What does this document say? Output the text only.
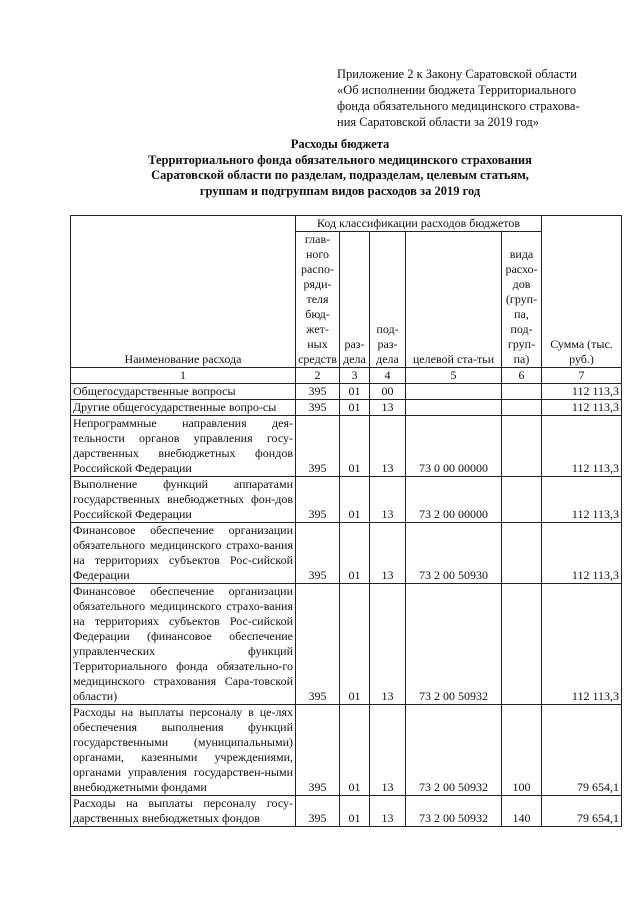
Приложение 2 к Закону Саратовской области
«Об исполнении бюджета Территориального
фонда обязательного медицинского страхова-
ния Саратовской области за 2019 год»
Расходы бюджета
Территориального фонда обязательного медицинского страхования
Саратовской области по разделам, подразделам, целевым статьям,
группам и подгруппам видов расходов за 2019 год
Наименование расхода	Код классификации расходов бюджетов					Сумма (тыс. руб.)
	глав-ного распо-ряди-теля бюд-жет-ных средств	раз-дела	под-раз-дела	целевой ста-тьи	вида расхо-дов (груп-па, под-груп-па)	
1	2	3	4	5	6	7
Общегосударственные вопросы	395	01	00			112 113,3
Другие общегосударственные вопро-сы	395	01	13			112 113,3
Непрограммные направления дея-тельности органов управления госу-дарственных внебюджетных фондов Российской Федерации	395	01	13	73 0 00 00000		112 113,3
Выполнение функций аппаратами государственных внебюджетных фон-дов Российской Федерации	395	01	13	73 2 00 00000		112 113,3
Финансовое обеспечение организации обязательного медицинского страхо-вания на территориях субъектов Рос-сийской Федерации	395	01	13	73 2 00 50930		112 113,3
Финансовое обеспечение организации обязательного медицинского страхо-вания на территориях субъектов Рос-сийской Федерации (финансовое обеспечение управленческих функций Территориального фонда обязательно-го медицинского страхования Сара-товской области)	395	01	13	73 2 00 50932		112 113,3
Расходы на выплаты персоналу в це-лях обеспечения выполнения функций государственными (муниципальными) органами, казенными учреждениями, органами управления государствен-ными внебюджетными фондами	395	01	13	73 2 00 50932	100	79 654,1
Расходы на выплаты персоналу госу-дарственных внебюджетных фондов	395	01	13	73 2 00 50932	140	79 654,1
